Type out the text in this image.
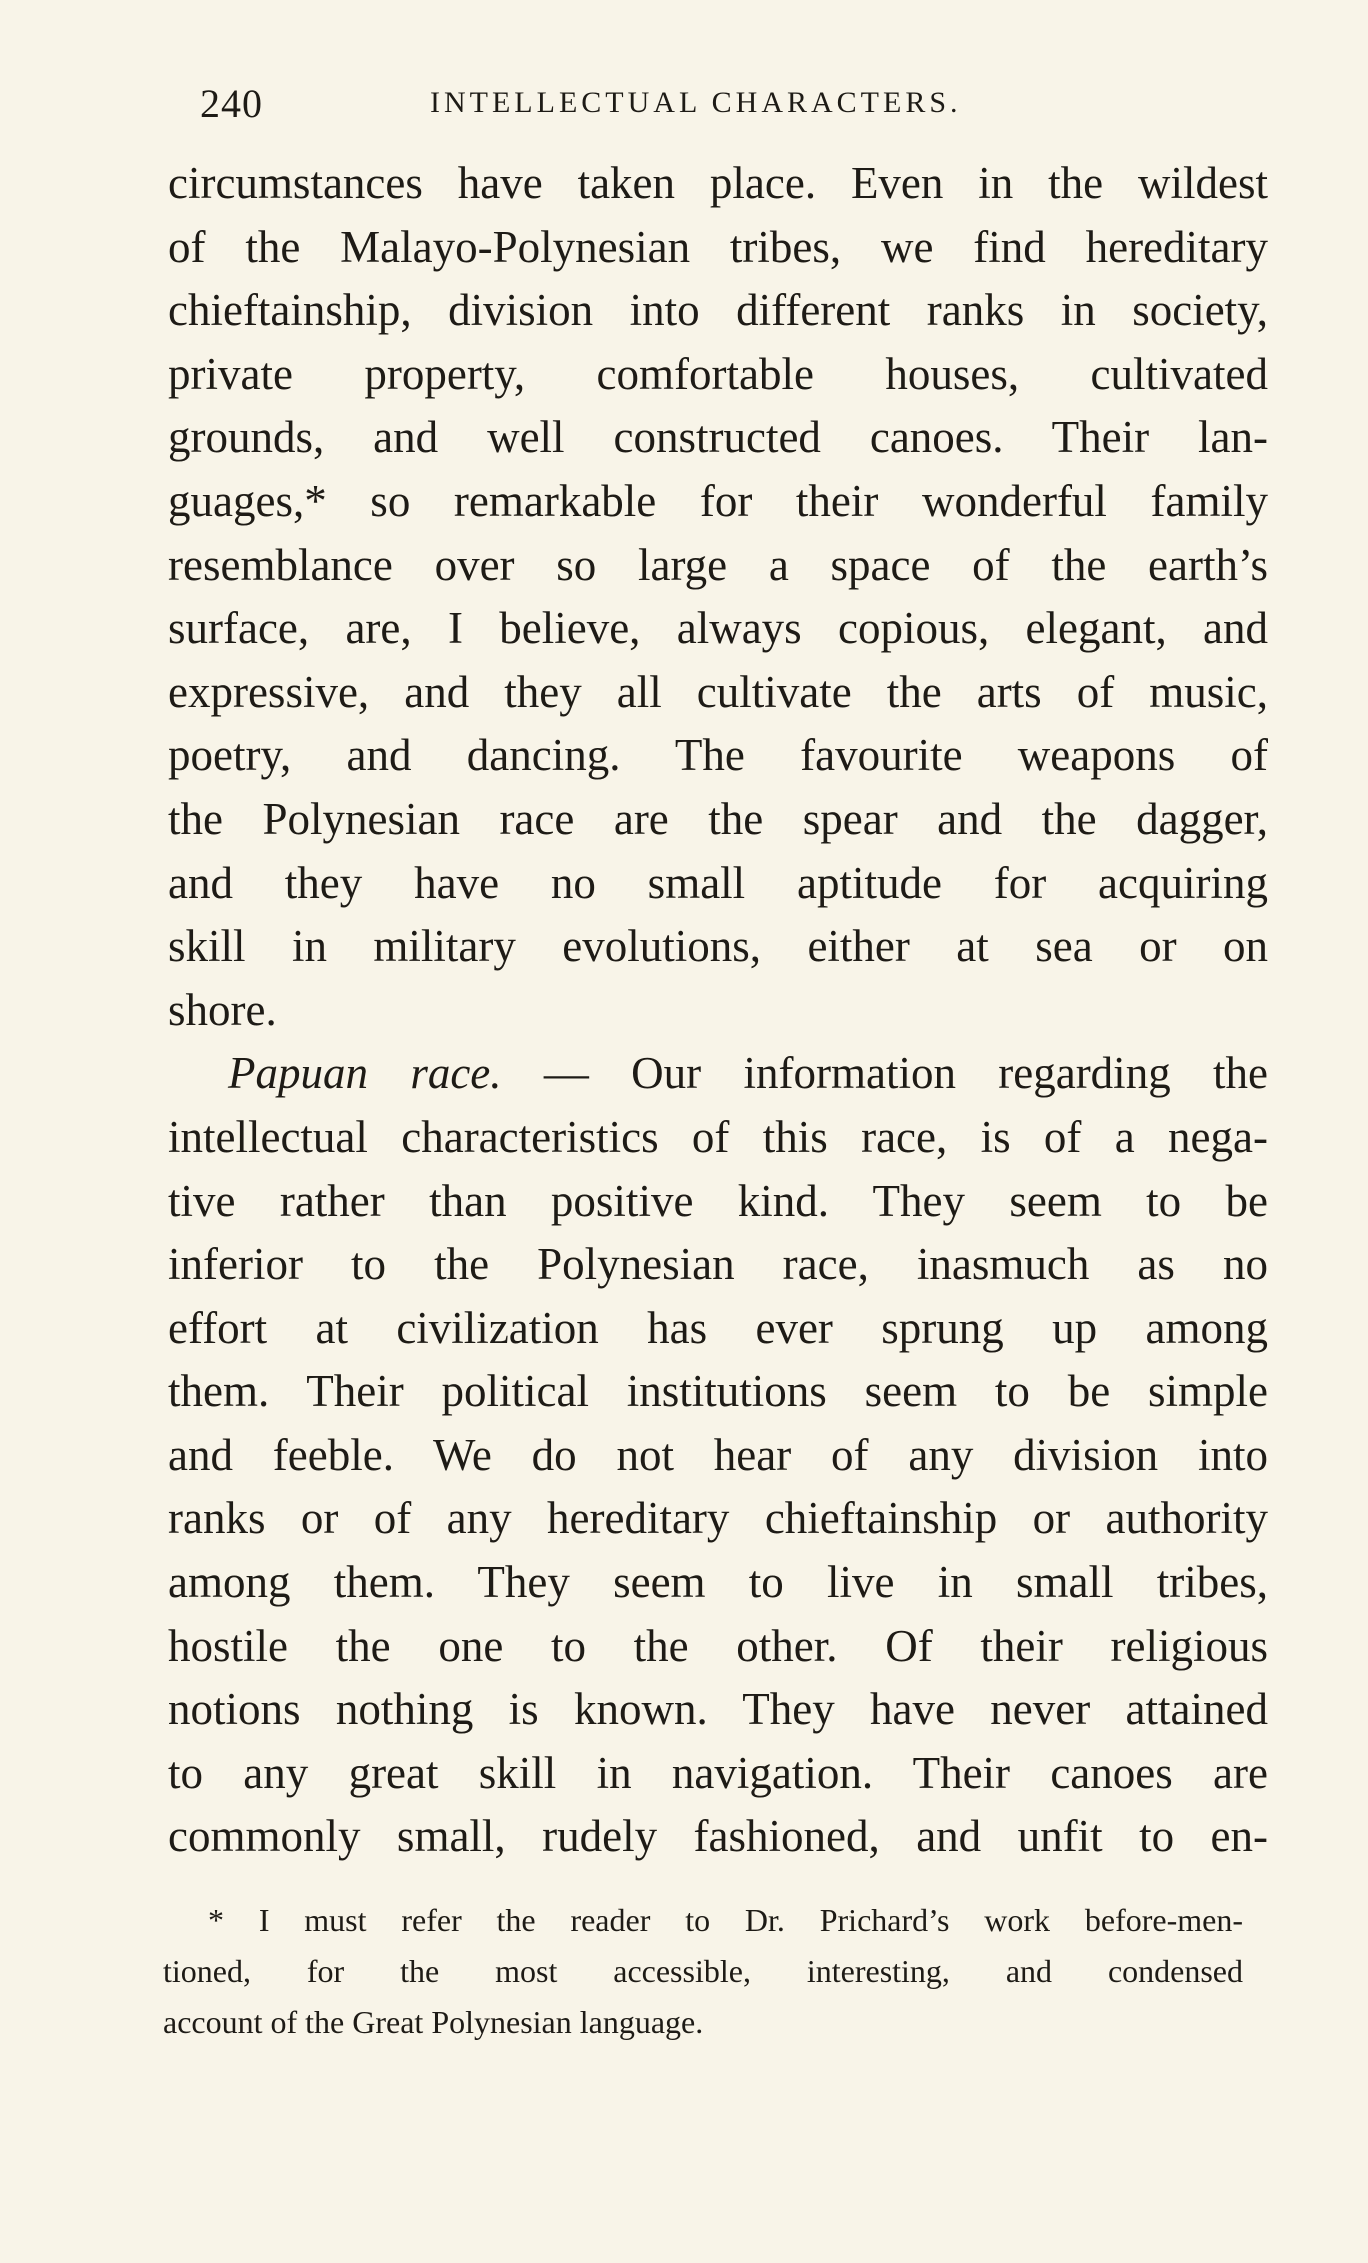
240	INTELLECTUAL CHARACTERS.
circumstances have taken place. Even in the wildest
of the Malayo-Polynesian tribes, we find hereditary
chieftainship, division into different ranks in society,
private property, comfortable houses, cultivated
grounds, and well constructed canoes. Their lan-
guages,* so remarkable for their wonderful family
resemblance over so large a space of the earth’s
surface, are, I believe, always copious, elegant, and
expressive, and they all cultivate the arts of music,
poetry, and dancing. The favourite weapons of
the Polynesian race are the spear and the dagger,
and they have no small aptitude for acquiring
skill in military evolutions, either at sea or on
shore.
Papuan race. — Our information regarding the
intellectual characteristics of this race, is of a nega-
tive rather than positive kind. They seem to be
inferior to the Polynesian race, inasmuch as no
effort at civilization has ever sprung up among
them. Their political institutions seem to be simple
and feeble. We do not hear of any division into
ranks or of any hereditary chieftainship or authority
among them. They seem to live in small tribes,
hostile the one to the other. Of their religious
notions nothing is known. They have never attained
to any great skill in navigation. Their canoes are
commonly small, rudely fashioned, and unfit to en-
* I must refer the reader to Dr. Prichard’s work before-men-
tioned, for the most accessible, interesting, and condensed
account of the Great Polynesian language.
